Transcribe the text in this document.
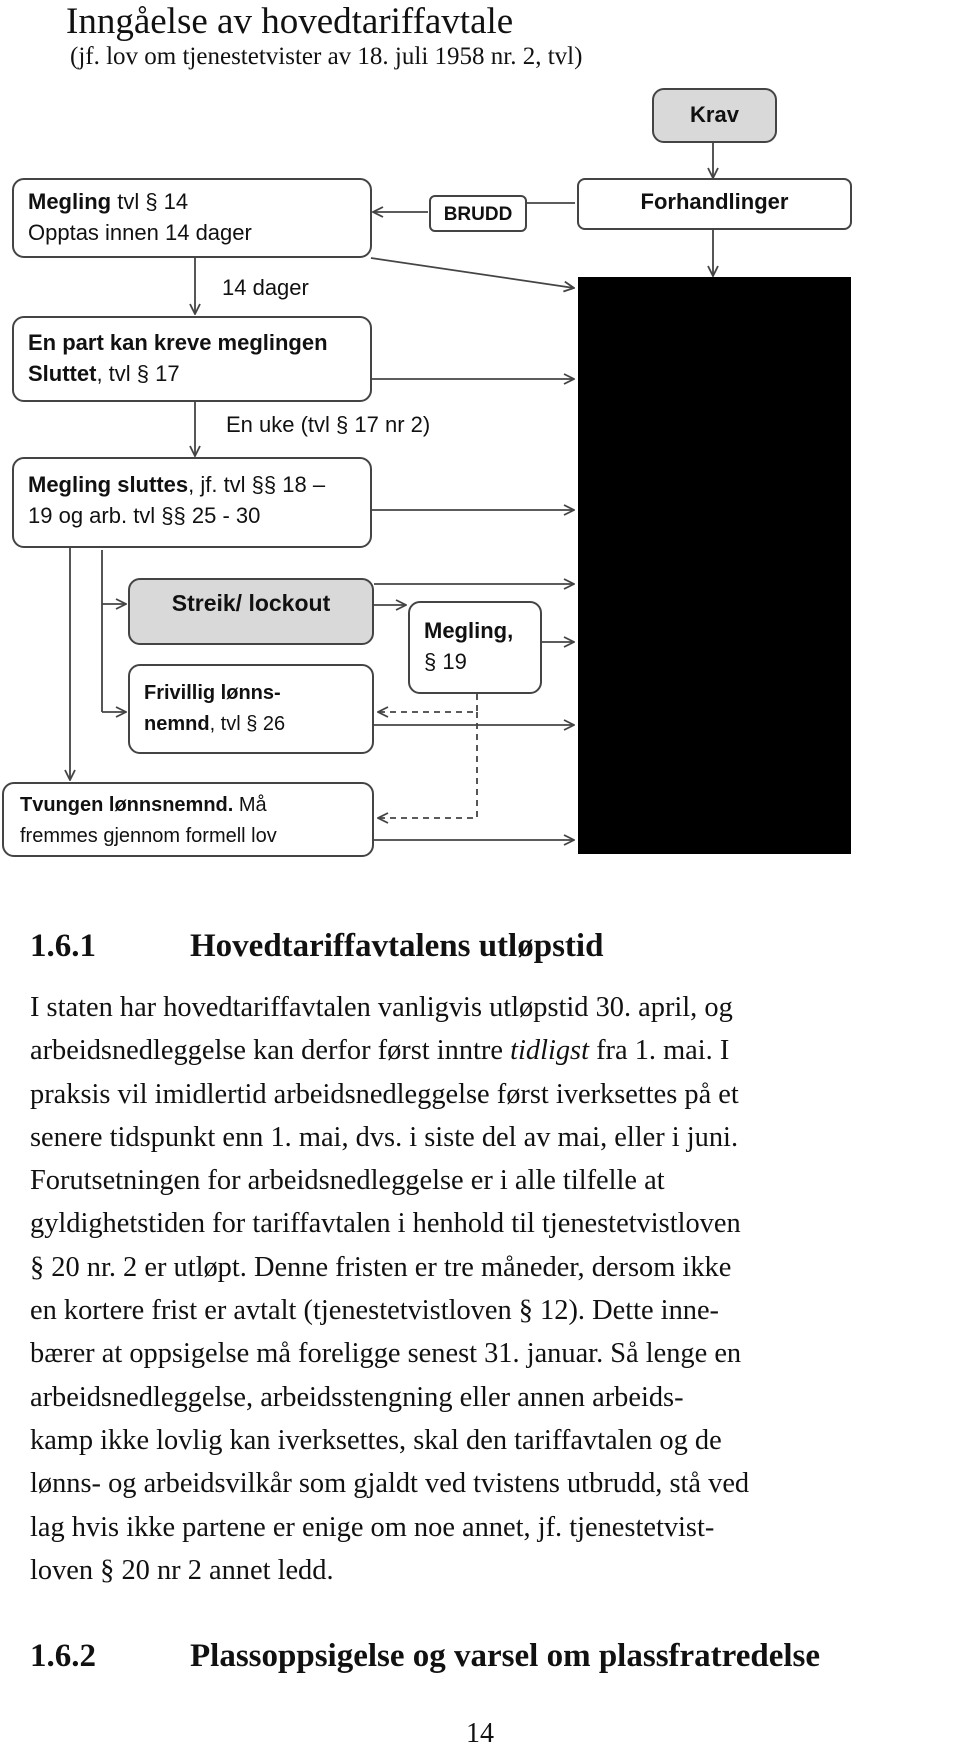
Inngåelse av hovedtariffavtale
(jf. lov om tjenestetvister av 18. juli 1958 nr. 2, tvl)
Krav
Forhandlinger
BRUDD
Megling tvl § 14
Opptas innen 14 dager
14 dager
En part kan kreve meglingen
Sluttet, tvl § 17
En uke (tvl § 17 nr 2)
Megling sluttes, jf. tvl §§ 18 –
19 og arb. tvl §§ 25 - 30
Streik/ lockout
Megling,
§ 19
Frivillig lønns-
nemnd, tvl § 26
Tvungen lønnsnemnd. Må
fremmes gjennom formell lov
1.6.1	Hovedtariffavtalens utløpstid

I staten har hovedtariffavtalen vanligvis utløpstid 30. april, og

arbeidsnedleggelse kan derfor først inntre tidligst fra 1. mai. I

praksis vil imidlertid arbeidsnedleggelse først iverksettes på et

senere tidspunkt enn 1. mai, dvs. i siste del av mai, eller i juni.

Forutsetningen for arbeidsnedleggelse er i alle tilfelle at

gyldighetstiden for tariffavtalen i henhold til tjenestetvistloven

§ 20 nr. 2 er utløpt. Denne fristen er tre måneder, dersom ikke

en kortere frist er avtalt (tjenestetvistloven § 12). Dette inne-

bærer at oppsigelse må foreligge senest 31. januar. Så lenge en

arbeidsnedleggelse, arbeidsstengning eller annen arbeids-

kamp ikke lovlig kan iverksettes, skal den tariffavtalen og de

lønns- og arbeidsvilkår som gjaldt ved tvistens utbrudd, stå ved

lag hvis ikke partene er enige om noe annet, jf. tjenestetvist-

loven § 20 nr 2 annet ledd.

1.6.2	Plassoppsigelse og varsel om plassfratredelse
14
